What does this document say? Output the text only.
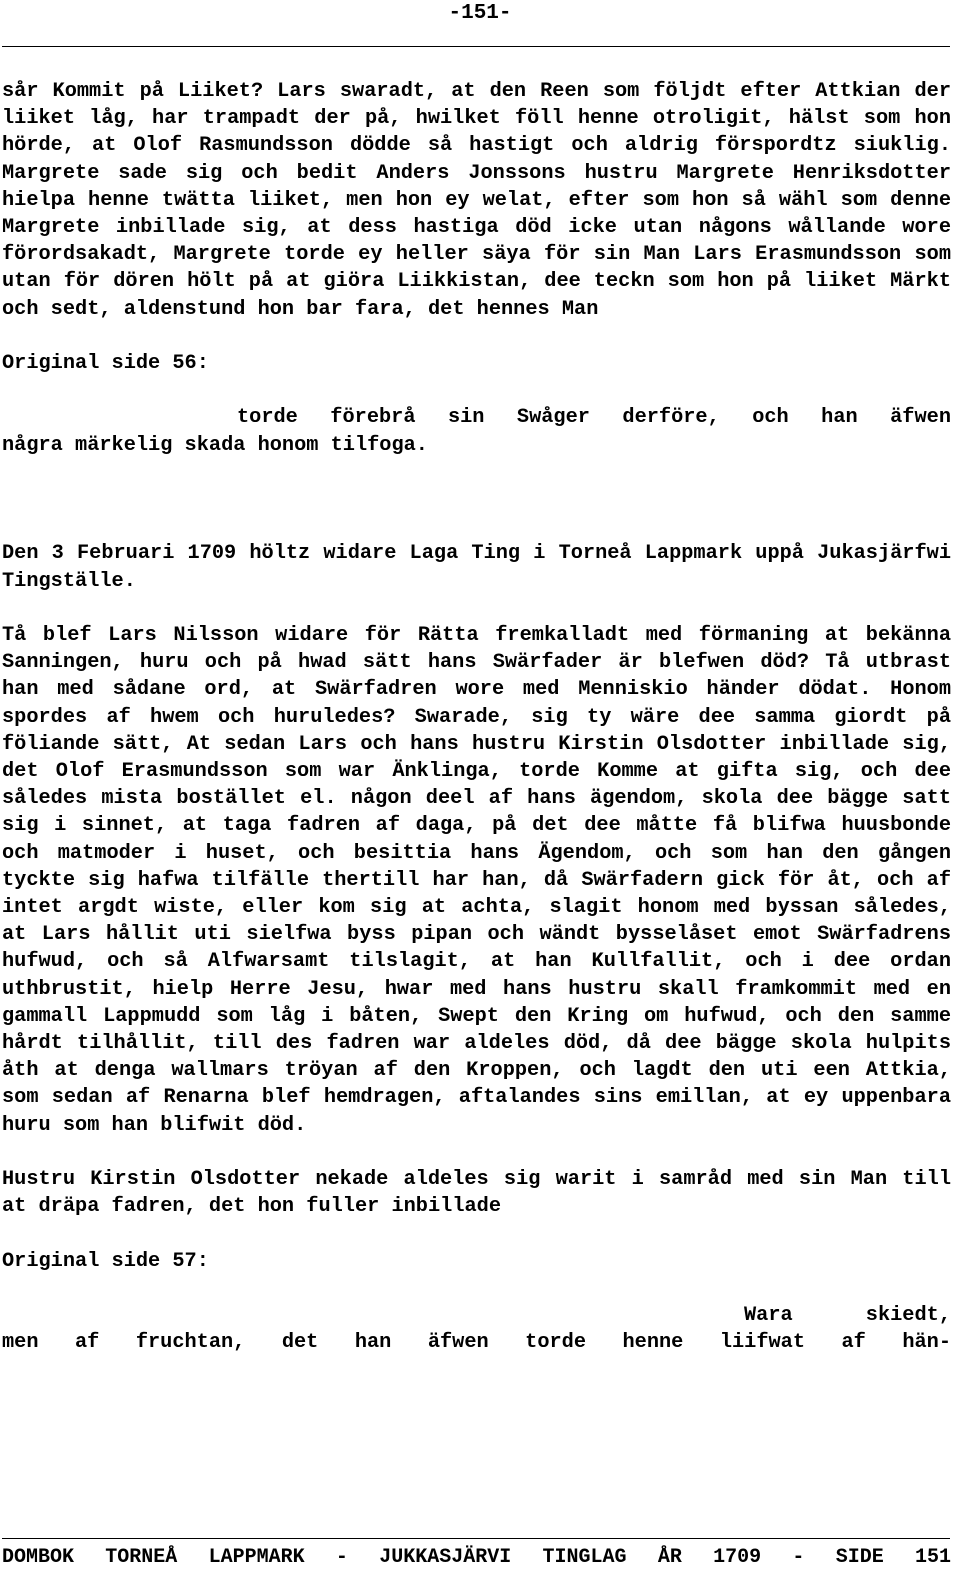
-151-

sår Kommit på Liiket? Lars swaradt, at den Reen som följdt efter Attkian der liiket låg, har trampadt der på, hwilket föll henne otroligit, hälst som hon hörde, at Olof Rasmundsson dödde så hastigt och aldrig förspordtz siuklig. Margrete sade sig och bedit Anders Jonssons hustru Margrete Henriksdotter hielpa henne twätta liiket, men hon ey welat, efter som hon så wähl som denne Margrete inbillade sig, at dess hastiga död icke utan någons wållande wore förordsakadt, Margrete torde ey heller säya för sin Man Lars Erasmundsson som utan för dören hölt på at giöra Liikkistan, dee teckn som hon på liiket Märkt och sedt, aldenstund hon bar fara, det hennes Man

Original side 56:

torde förebrå sin Swåger derföre, och han äfwen
några märkelig skada honom tilfoga.

Den 3 Februari 1709 höltz widare Laga Ting i Torneå Lappmark uppå Jukasjärfwi Tingställe.

Tå blef Lars Nilsson widare för Rätta fremkalladt med förmaning at bekänna Sanningen, huru och på hwad sätt hans Swärfader är blefwen död? Tå utbrast han med sådane ord, at Swärfadren wore med Menniskio händer dödat. Honom spordes af hwem och huruledes? Swarade, sig ty wäre dee samma giordt på föliande sätt, At sedan Lars och hans hustru Kirstin Olsdotter inbillade sig, det Olof Erasmundsson som war Änklinga, torde Komme at gifta sig, och dee således mista bostället el. någon deel af hans ägendom, skola dee bägge satt sig i sinnet, at taga fadren af daga, på det dee måtte få blifwa huusbonde och matmoder i huset, och besittia hans Ägendom, och som han den gången tyckte sig hafwa tilfälle thertill har han, då Swärfadern gick för åt, och af intet argdt wiste, eller kom sig at achta, slagit honom med byssan således, at Lars hållit uti sielfwa byss pipan och wändt bysselåset emot Swärfadrens hufwud, och så Alfwarsamt tilslagit, at han Kullfallit, och i dee ordan uthbrustit, hielp Herre Jesu, hwar med hans hustru skall framkommit med en gammall Lappmudd som låg i båten, Swept den Kring om hufwud, och den samme hårdt tilhållit, till des fadren war aldeles död, då dee bägge skola hulpits åth at denga wallmars tröyan af den Kroppen, och lagdt den uti een Attkia, som sedan af Renarna blef hemdragen, aftalandes sins emillan, at ey uppenbara huru som han blifwit död.

Hustru Kirstin Olsdotter nekade aldeles sig warit i samråd med sin Man till at dräpa fadren, det hon fuller inbillade

Original side 57:

Wara skiedt,
men af fruchtan, det han äfwen torde henne liifwat af hän-
DOMBOK TORNEÅ LAPPMARK - JUKKASJÄRVI TINGLAG ÅR 1709 - SIDE 151
